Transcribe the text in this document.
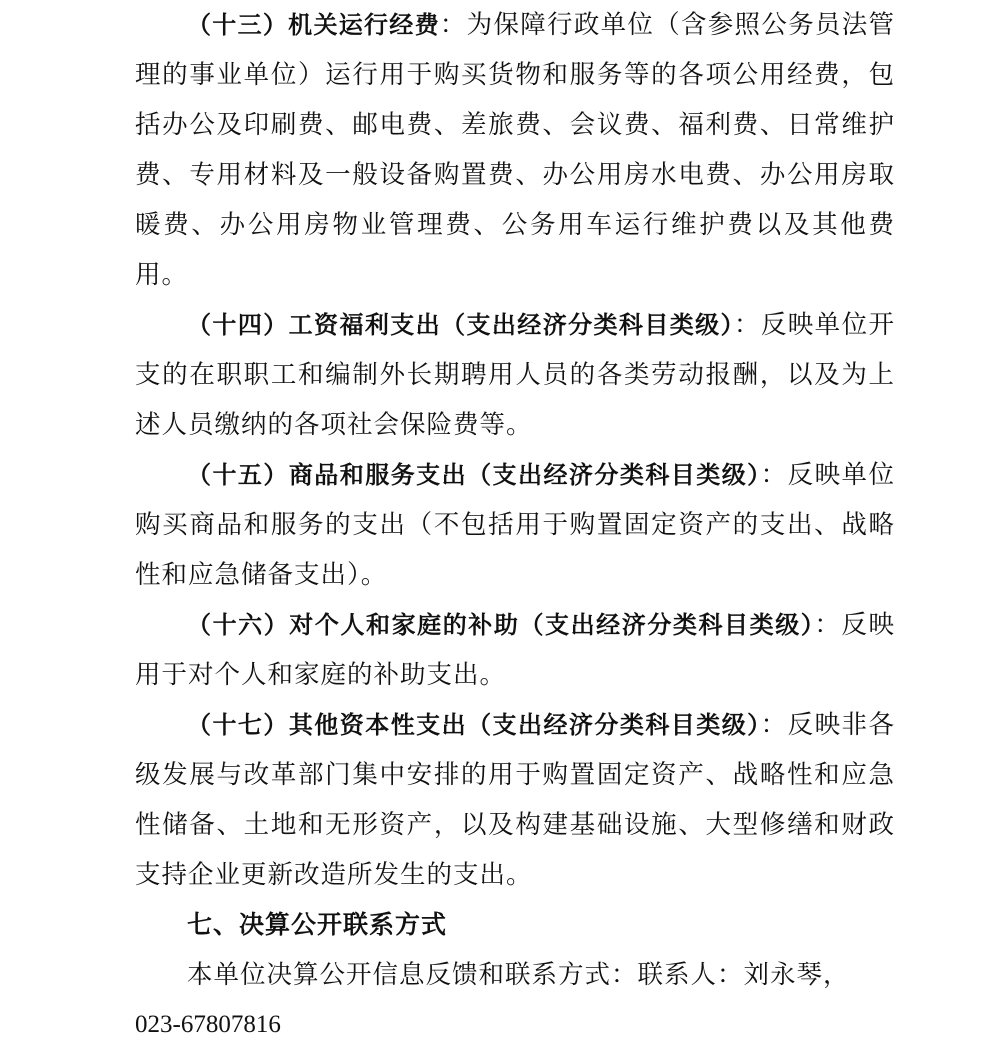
（十三）机关运行经费：为保障行政单位（含参照公务员法管理的事业单位）运行用于购买货物和服务等的各项公用经费，包括办公及印刷费、邮电费、差旅费、会议费、福利费、日常维护费、专用材料及一般设备购置费、办公用房水电费、办公用房取暖费、办公用房物业管理费、公务用车运行维护费以及其他费用。

（十四）工资福利支出（支出经济分类科目类级）：反映单位开支的在职职工和编制外长期聘用人员的各类劳动报酬，以及为上述人员缴纳的各项社会保险费等。

（十五）商品和服务支出（支出经济分类科目类级）：反映单位购买商品和服务的支出（不包括用于购置固定资产的支出、战略性和应急储备支出）。

（十六）对个人和家庭的补助（支出经济分类科目类级）：反映用于对个人和家庭的补助支出。

（十七）其他资本性支出（支出经济分类科目类级）：反映非各级发展与改革部门集中安排的用于购置固定资产、战略性和应急性储备、土地和无形资产，以及构建基础设施、大型修缮和财政支持企业更新改造所发生的支出。

七、决算公开联系方式

本单位决算公开信息反馈和联系方式：联系人：刘永琴，

023-67807816
